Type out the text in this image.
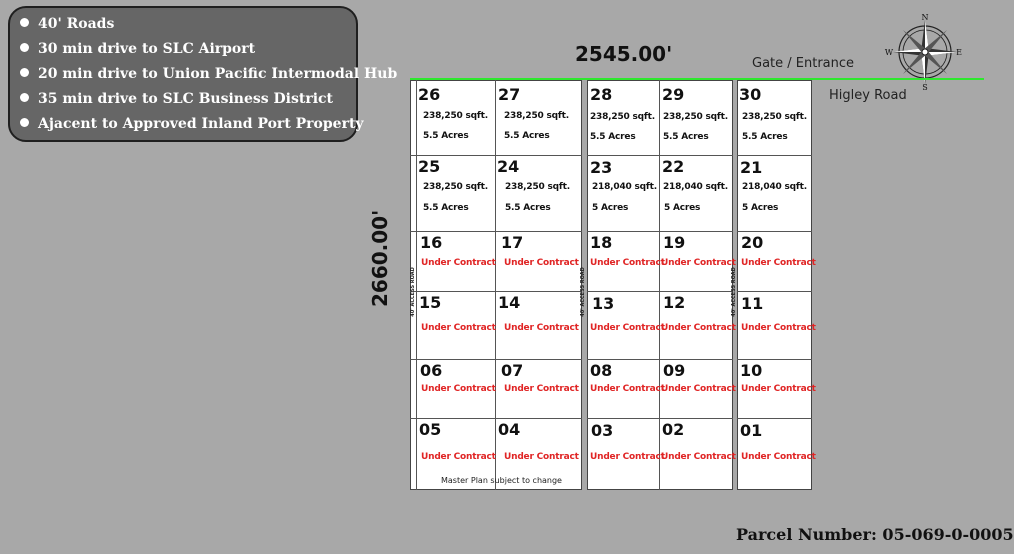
40' Roads
30 min drive to SLC Airport
20 min drive to Union Pacific Intermodal Hub
35 min drive to SLC Business District
Ajacent to Approved Inland Port Property
N
S
E
W
2545.00'
2660.00'
Gate / Entrance
Higley Road
40' ACCESS ROAD	40' ACCESS ROAD	40' ACCESS ROAD
26
238,250 sqft.
5.5 Acres
27
238,250 sqft.
5.5 Acres
28
238,250 sqft.
5.5 Acres
29
238,250 sqft.
5.5 Acres
30
238,250 sqft.
5.5 Acres
25
238,250 sqft.
5.5 Acres
24
238,250 sqft.
5.5 Acres
23
218,040 sqft.
5 Acres
22
218,040 sqft.
5 Acres
21
218,040 sqft.
5 Acres
16
Under Contract
17
Under Contract
18
Under Contract
19
Under Contract
20
Under Contract
15
Under Contract
14
Under Contract
13
Under Contract
12
Under Contract
11
Under Contract
06
Under Contract
07
Under Contract
08
Under Contract
09
Under Contract
10
Under Contract
05
Under Contract
04
Under Contract
03
Under Contract
02
Under Contract
01
Under Contract
Master Plan subject to change
Parcel Number: 05-069-0-0005
